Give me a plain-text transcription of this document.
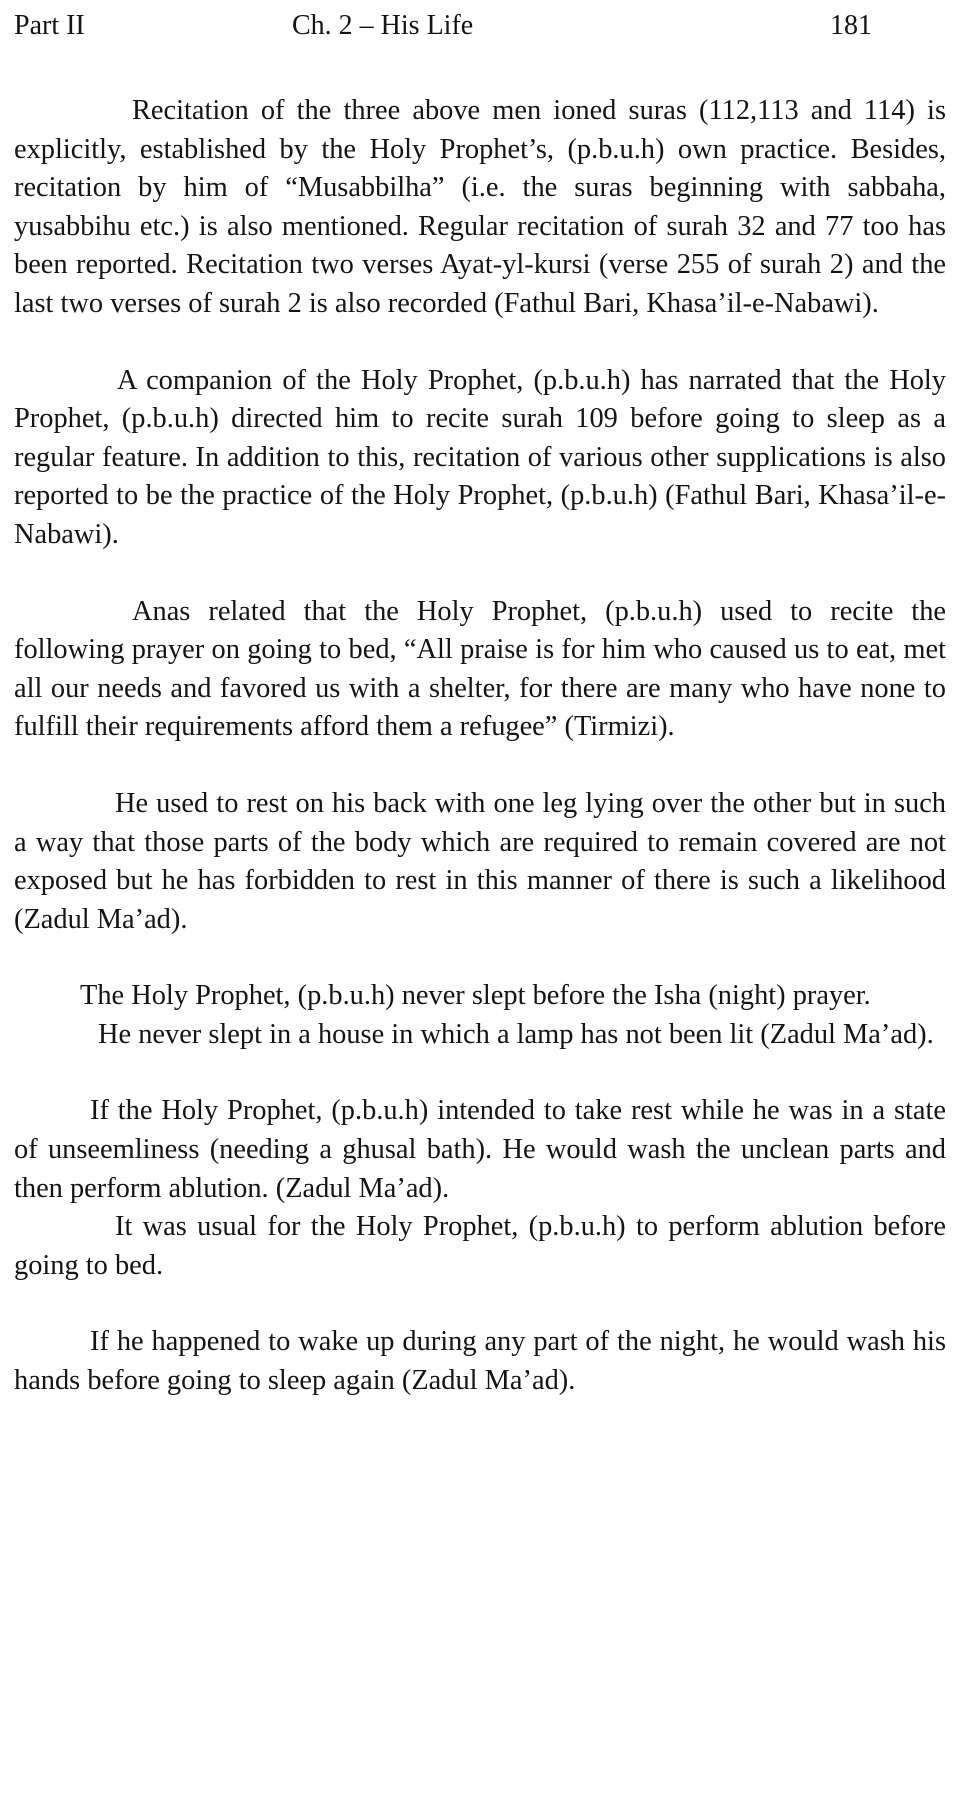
Part II	Ch. 2 – His Life	181

Recitation of the three above men ioned suras (112,113 and 114) is explicitly, established by the Holy Prophet’s, (p.b.u.h) own practice. Besides, recitation by him of “Musabbilha” (i.e. the suras beginning with sabbaha, yusabbihu etc.) is also mentioned. Regular recitation of surah 32 and 77 too has been reported. Recitation two verses Ayat-yl-kursi (verse 255 of surah 2) and the last two verses of surah 2 is also recorded (Fathul Bari, Khasa’il-e-Nabawi).

A companion of the Holy Prophet, (p.b.u.h) has narrated that the Holy Prophet, (p.b.u.h) directed him to recite surah 109 before going to sleep as a regular feature. In addition to this, recitation of various other supplications is also reported to be the practice of the Holy Prophet, (p.b.u.h) (Fathul Bari, Khasa’il-e-Nabawi).

Anas related that the Holy Prophet, (p.b.u.h) used to recite the following prayer on going to bed, “All praise is for him who caused us to eat, met all our needs and favored us with a shelter, for there are many who have none to fulfill their requirements afford them a refugee” (Tirmizi).

He used to rest on his back with one leg lying over the other but in such a way that those parts of the body which are required to remain covered are not exposed but he has forbidden to rest in this manner of there is such a likelihood (Zadul Ma’ad).

The Holy Prophet, (p.b.u.h) never slept before the Isha (night) prayer.

He never slept in a house in which a lamp has not been lit (Zadul Ma’ad).

If the Holy Prophet, (p.b.u.h) intended to take rest while he was in a state of unseemliness (needing a ghusal bath). He would wash the unclean parts and then perform ablution. (Zadul Ma’ad).

It was usual for the Holy Prophet, (p.b.u.h) to perform ablution before going to bed.

If he happened to wake up during any part of the night, he would wash his hands before going to sleep again (Zadul Ma’ad).
